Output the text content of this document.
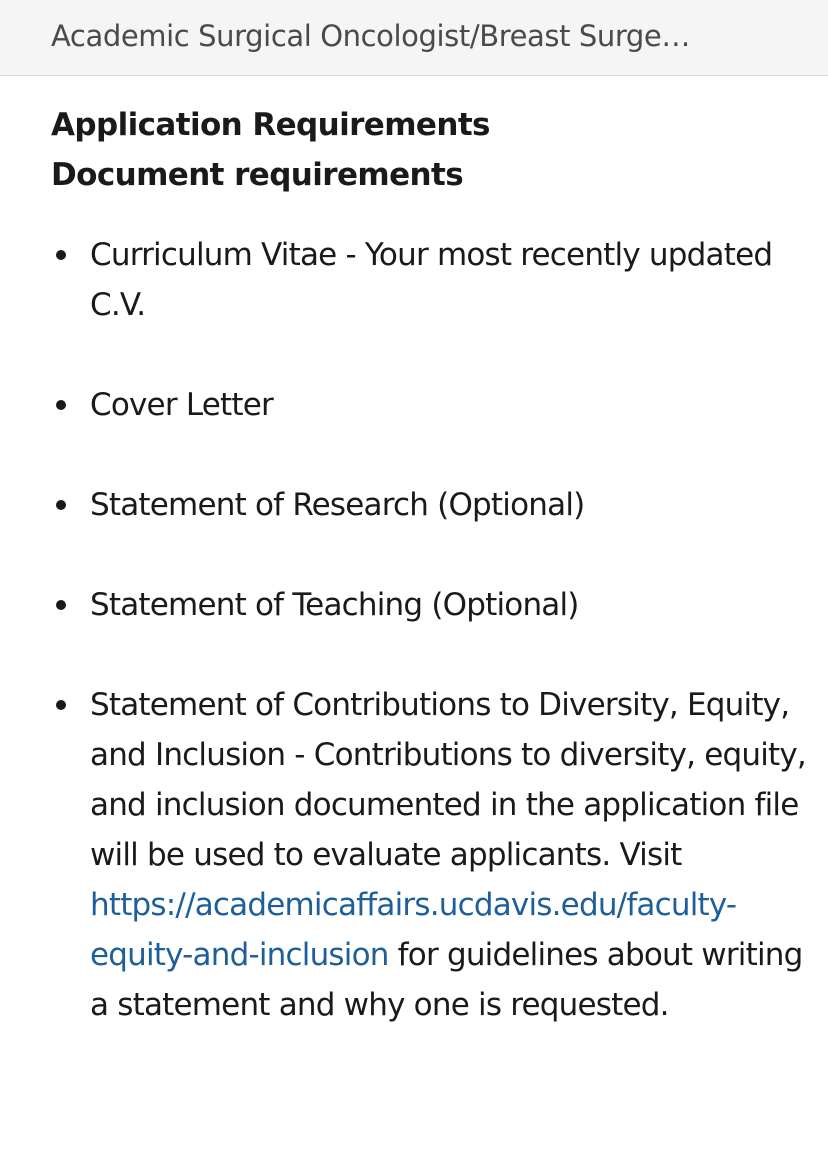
Academic Surgical Oncologist/Breast Surge…
Application Requirements
Document requirements
Curriculum Vitae - Your most recently updated C.V.
Cover Letter
Statement of Research (Optional)
Statement of Teaching (Optional)
Statement of Contributions to Diversity, Equity, and Inclusion - Contributions to diversity, equity, and inclusion documented in the application file will be used to evaluate applicants. Visit https://academicaffairs.ucdavis.edu/faculty-equity-and-inclusion for guidelines about writing a statement and why one is requested.
